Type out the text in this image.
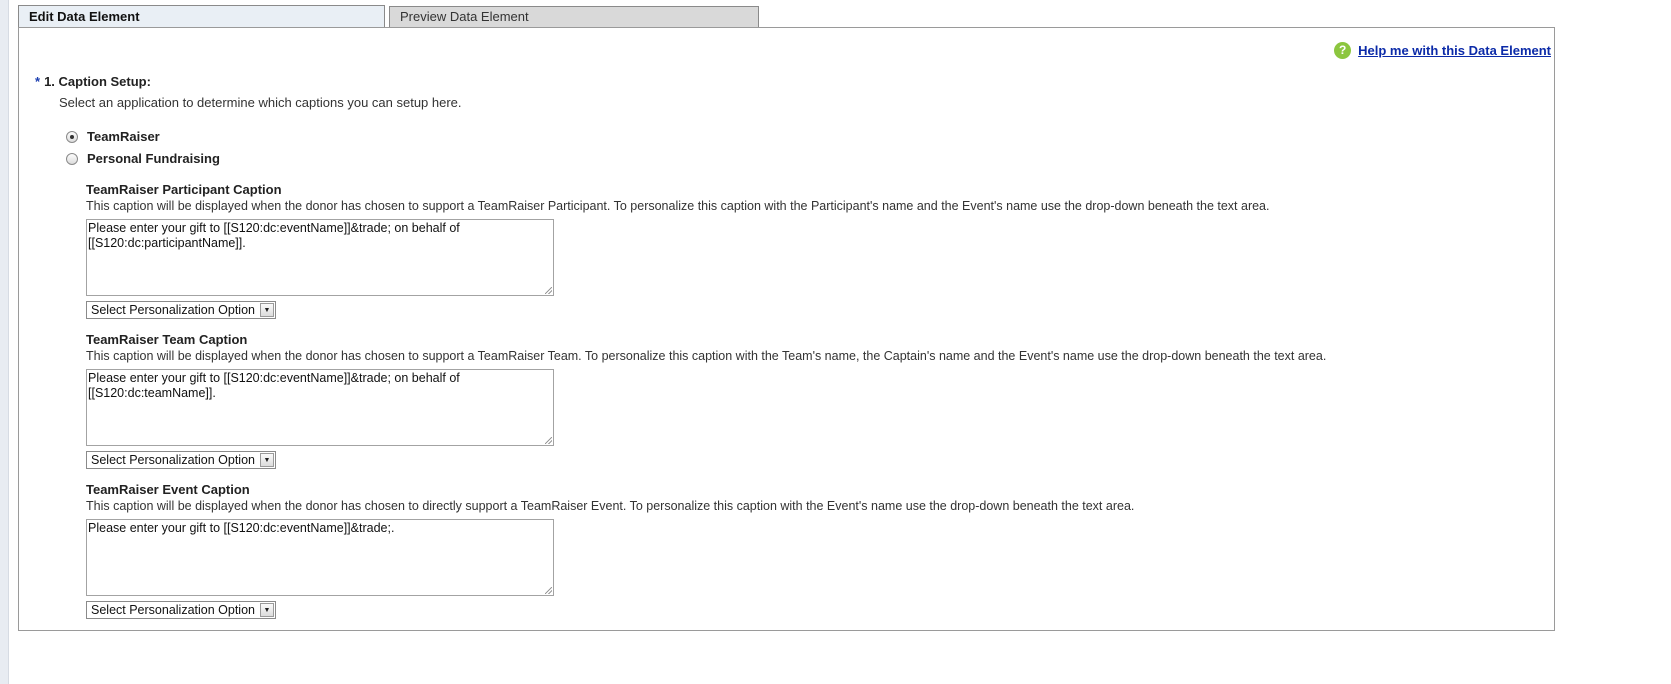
Edit Data Element	Preview Data Element
? Help me with this Data Element
* 1. Caption Setup:
Select an application to determine which captions you can setup here.
TeamRaiser
Personal Fundraising
TeamRaiser Participant Caption
This caption will be displayed when the donor has chosen to support a TeamRaiser Participant. To personalize this caption with the Participant's name and the Event's name use the drop-down beneath the text area.
Please enter your gift to [[S120:dc:eventName]]&trade; on behalf of
[[S120:dc:participantName]].
Select Personalization Option	▼
TeamRaiser Team Caption
This caption will be displayed when the donor has chosen to support a TeamRaiser Team. To personalize this caption with the Team's name, the Captain's name and the Event's name use the drop-down beneath the text area.
Please enter your gift to [[S120:dc:eventName]]&trade; on behalf of
[[S120:dc:teamName]].
Select Personalization Option	▼
TeamRaiser Event Caption
This caption will be displayed when the donor has chosen to directly support a TeamRaiser Event. To personalize this caption with the Event's name use the drop-down beneath the text area.
Please enter your gift to [[S120:dc:eventName]]&trade;.
Select Personalization Option	▼
